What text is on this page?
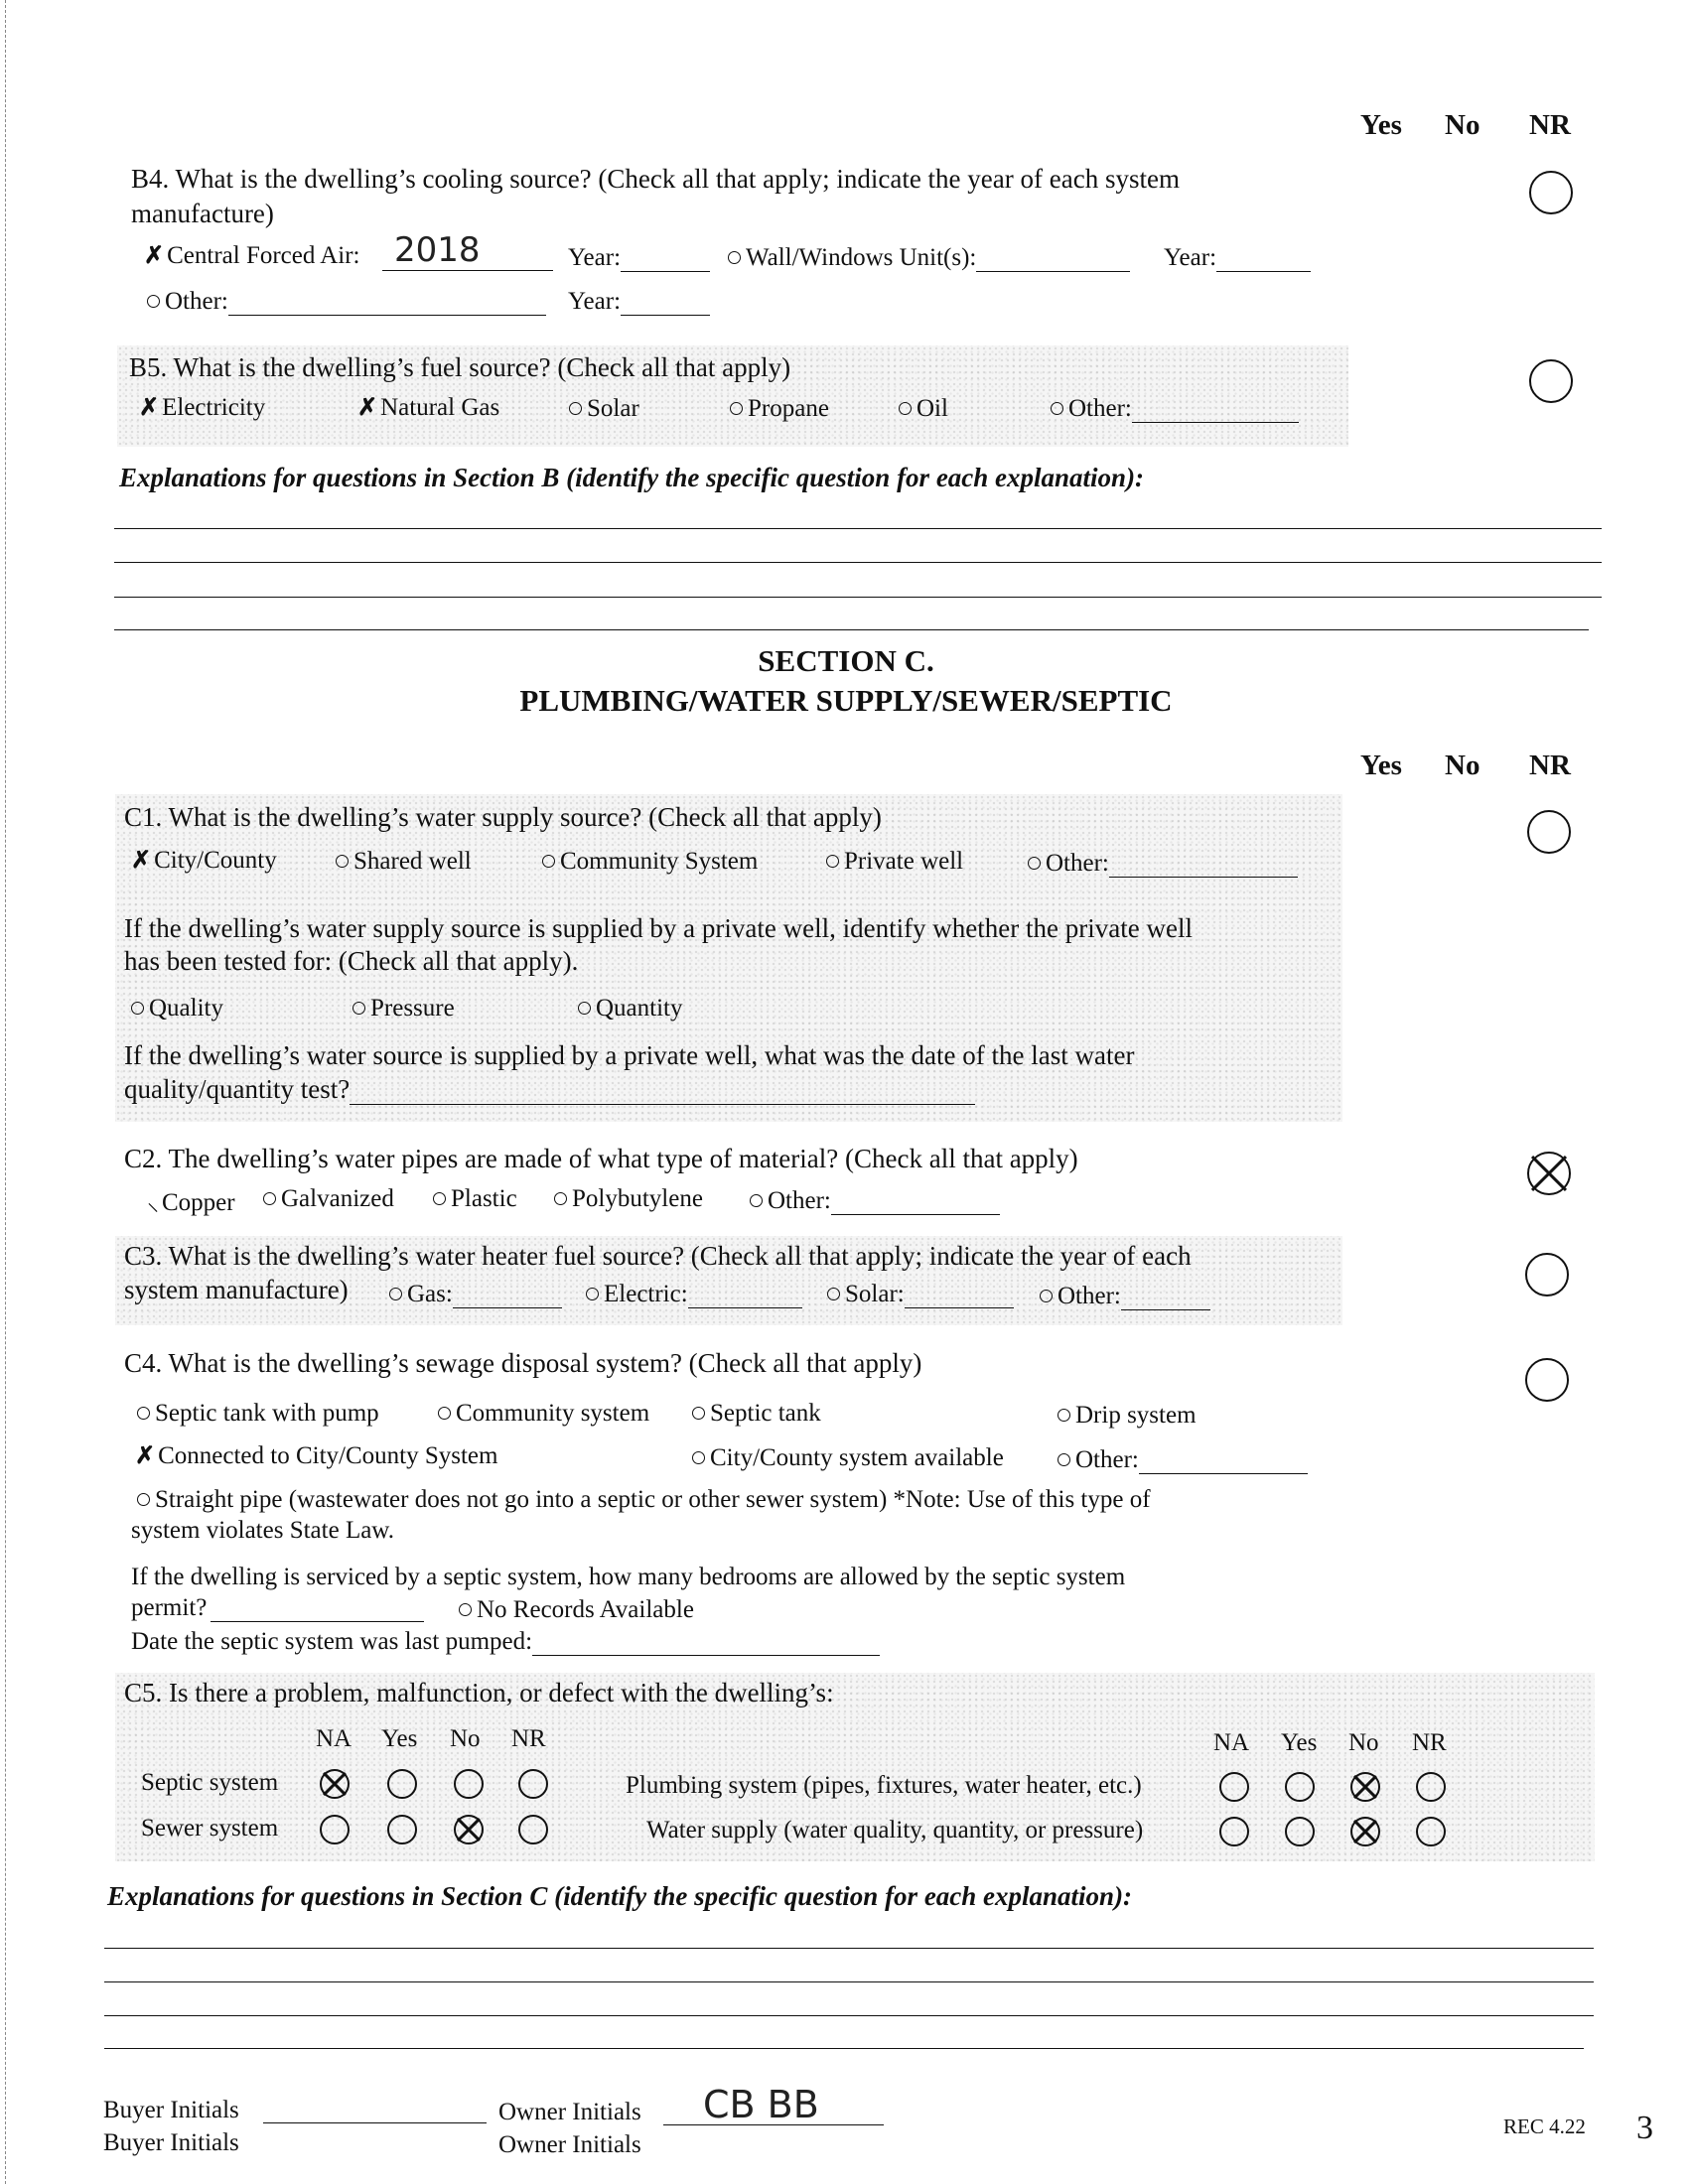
Yes No NR
B4. What is the dwelling’s cooling source? (Check all that apply; indicate the year of each system
manufacture)
✗ Central Forced Air: 2018	Year:	Wall/Windows Unit(s):	Year:
Other:	Year:
B5. What is the dwelling’s fuel source? (Check all that apply)
✗ Electricity	✗ Natural Gas	Solar	Propane	Oil	Other:
Explanations for questions in Section B (identify the specific question for each explanation):
SECTION C.
PLUMBING/WATER SUPPLY/SEWER/SEPTIC
Yes No NR
C1. What is the dwelling’s water supply source? (Check all that apply)
✗ City/County	Shared well	Community System	Private well	Other:
If the dwelling’s water supply source is supplied by a private well, identify whether the private well
has been tested for: (Check all that apply).
Quality	Pressure	Quantity
If the dwelling’s water source is supplied by a private well, what was the date of the last water
quality/quantity test?
C2. The dwelling’s water pipes are made of what type of material? (Check all that apply)
⸜ Copper	Galvanized	Plastic	Polybutylene	Other:
C3. What is the dwelling’s water heater fuel source? (Check all that apply; indicate the year of each
system manufacture)	Gas:	Electric:	Solar:	Other:
C4. What is the dwelling’s sewage disposal system? (Check all that apply)
Septic tank with pump	Community system	Septic tank	Drip system
✗ Connected to City/County System	City/County system available	Other:
Straight pipe (wastewater does not go into a septic or other sewer system) *Note: Use of this type of
system violates State Law.
If the dwelling is serviced by a septic system, how many bedrooms are allowed by the septic system
permit?	No Records Available
Date the septic system was last pumped:
C5. Is there a problem, malfunction, or defect with the dwelling’s:
NA Yes No NR	NA Yes No NR
Septic system	Plumbing system (pipes, fixtures, water heater, etc.)
Sewer system	Water supply (water quality, quantity, or pressure)
Explanations for questions in Section C (identify the specific question for each explanation):
Buyer Initials
Buyer Initials
Owner Initials CB BB
Owner Initials
REC 4.22 3
